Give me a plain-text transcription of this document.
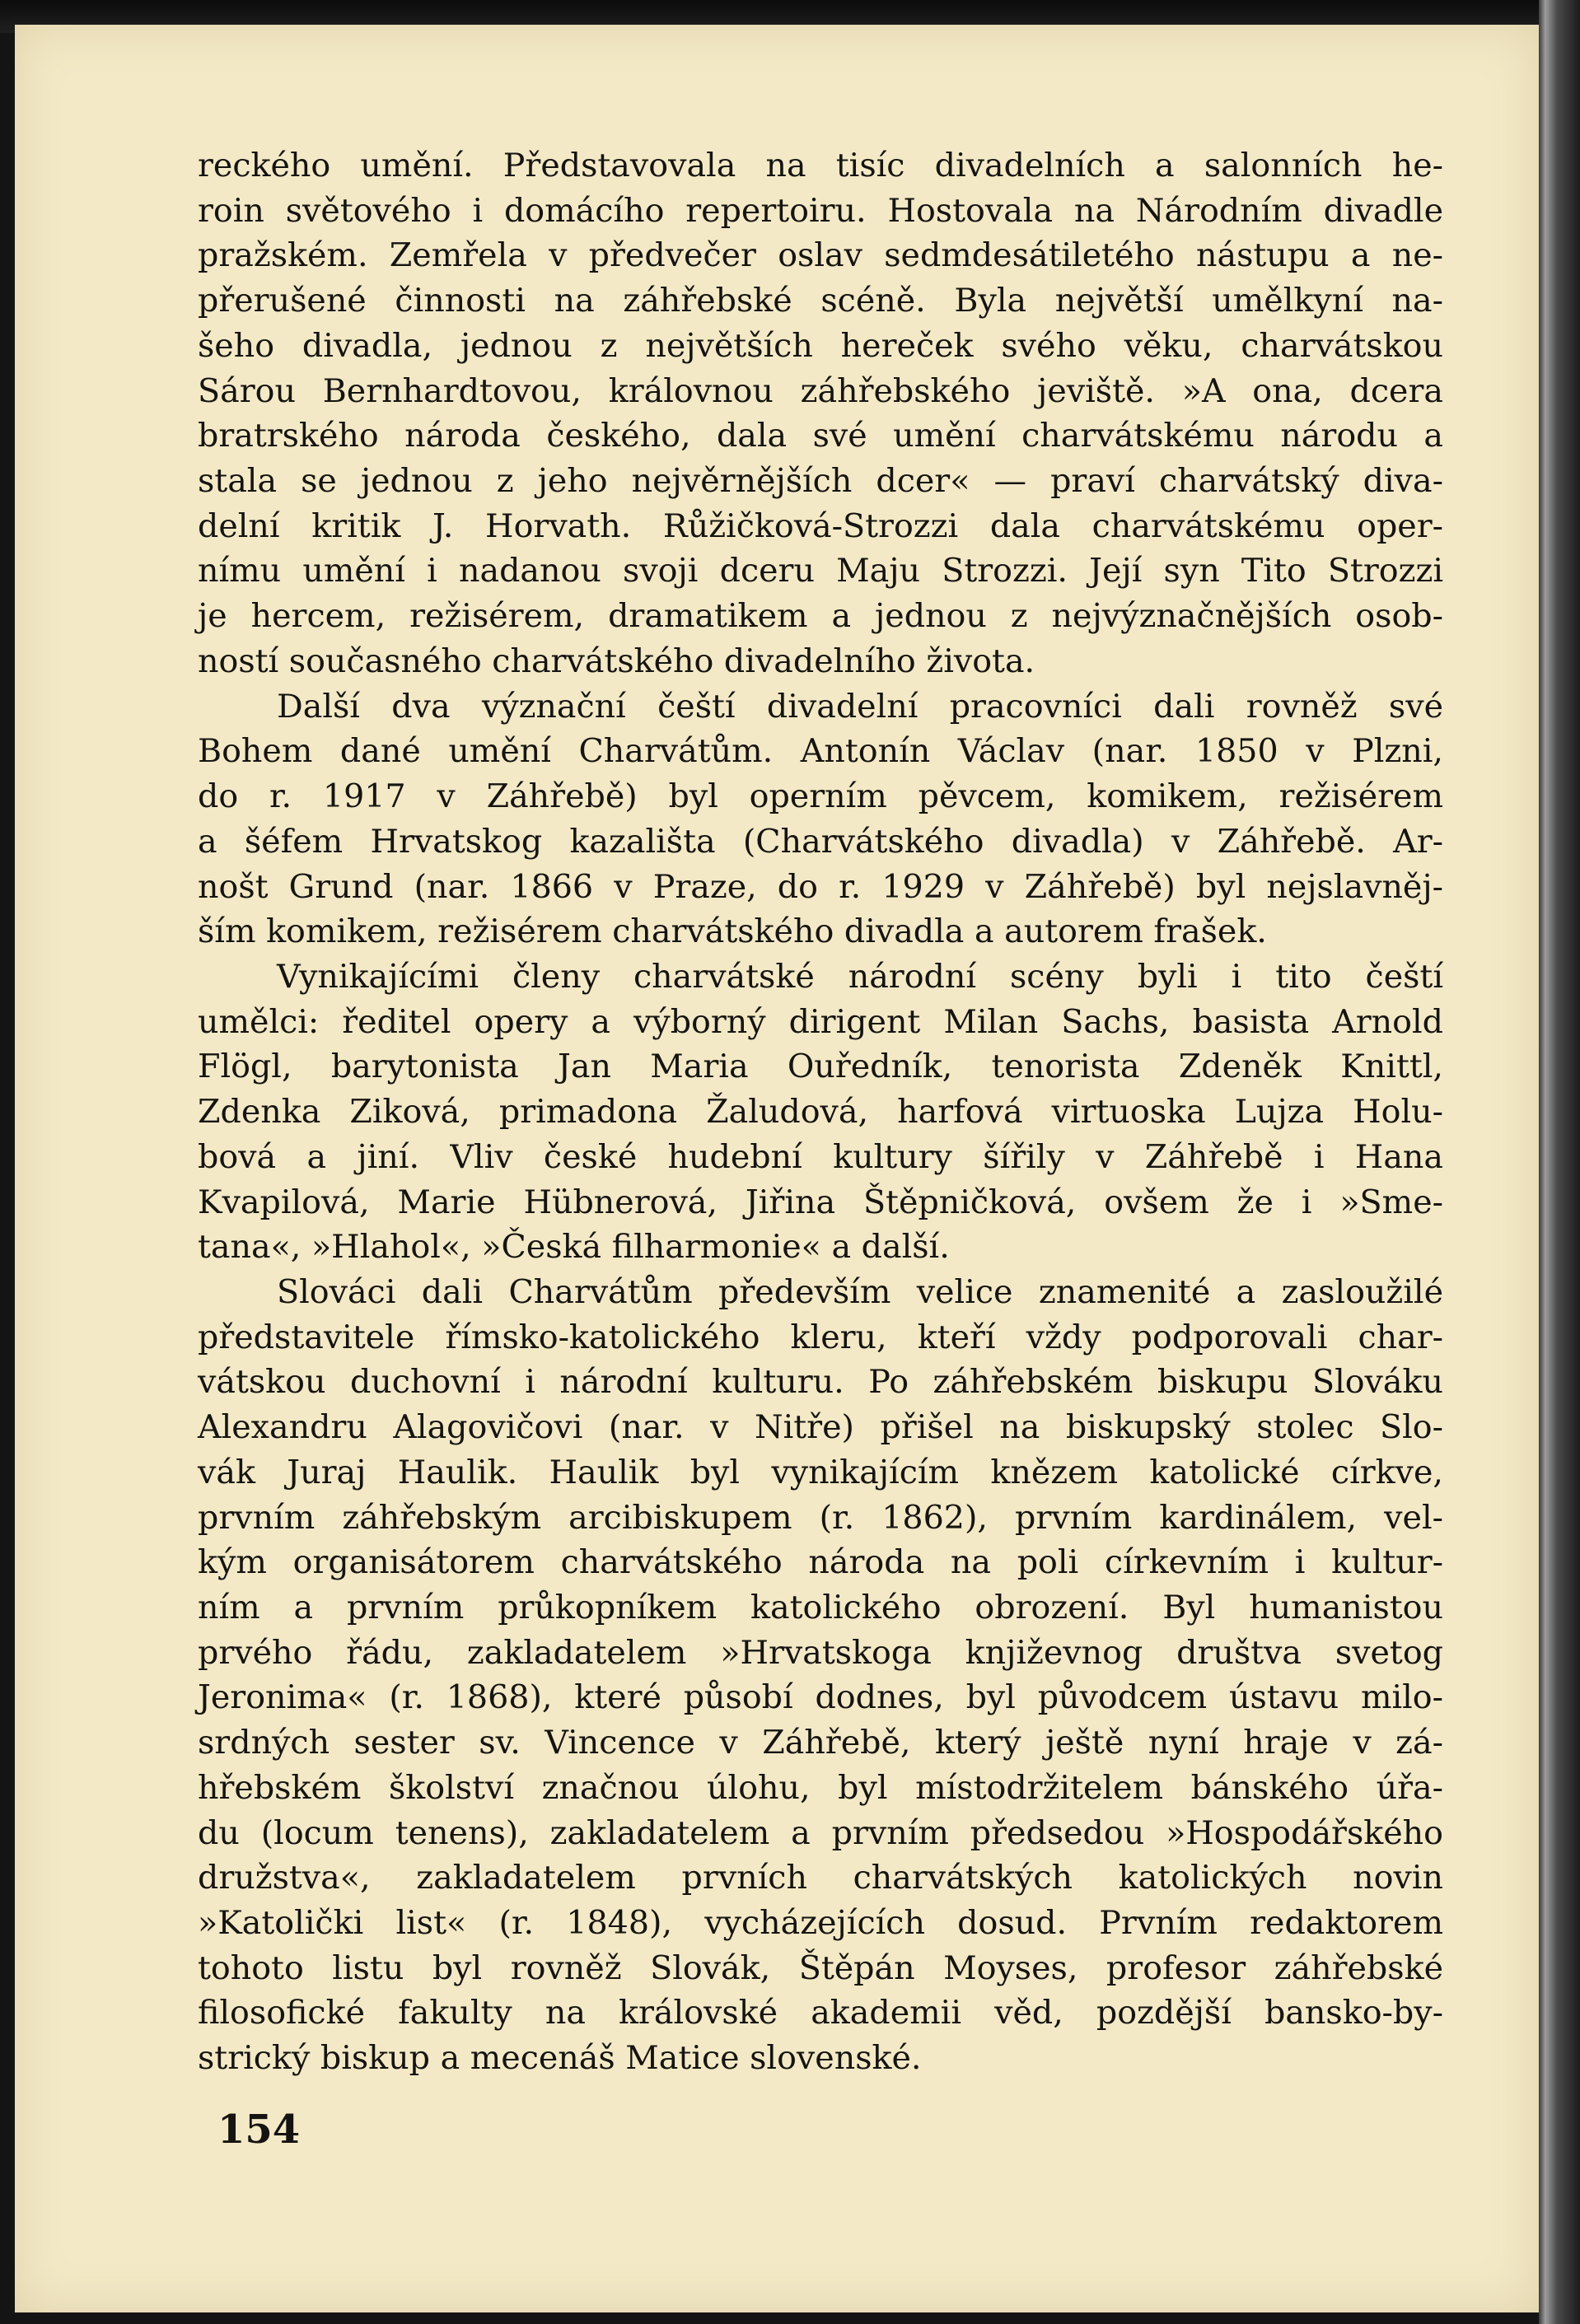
reckého umění. Představovala na tisíc divadelních a salonních he-
roin světového i domácího repertoiru. Hostovala na Národním divadle
pražském. Zemřela v předvečer oslav sedmdesátiletého nástupu a ne-
přerušené činnosti na záhřebské scéně. Byla největší umělkyní na-
šeho divadla, jednou z největších hereček svého věku, charvátskou
Sárou Bernhardtovou, královnou záhřebského jeviště. »A ona, dcera
bratrského národa českého, dala své umění charvátskému národu a
stala se jednou z jeho nejvěrnějších dcer« — praví charvátský diva-
delní kritik J. Horvath. Růžičková-Strozzi dala charvátskému oper-
nímu umění i nadanou svoji dceru Maju Strozzi. Její syn Tito Strozzi
je hercem, režisérem, dramatikem a jednou z nejvýznačnějších osob-
ností současného charvátského divadelního života.
Další dva význační čeští divadelní pracovníci dali rovněž své
Bohem dané umění Charvátům. Antonín Václav (nar. 1850 v Plzni,
do r. 1917 v Záhřebě) byl operním pěvcem, komikem, režisérem
a šéfem Hrvatskog kazališta (Charvátského divadla) v Záhřebě. Ar-
nošt Grund (nar. 1866 v Praze, do r. 1929 v Záhřebě) byl nejslavněj-
ším komikem, režisérem charvátského divadla a autorem frašek.
Vynikajícími členy charvátské národní scény byli i tito čeští
umělci: ředitel opery a výborný dirigent Milan Sachs, basista Arnold
Flögl, barytonista Jan Maria Ouředník, tenorista Zdeněk Knittl,
Zdenka Ziková, primadona Žaludová, harfová virtuoska Lujza Holu-
bová a jiní. Vliv české hudební kultury šířily v Záhřebě i Hana
Kvapilová, Marie Hübnerová, Jiřina Štěpničková, ovšem že i »Sme-
tana«, »Hlahol«, »Česká filharmonie« a další.
Slováci dali Charvátům především velice znamenité a zasloužilé
představitele římsko-katolického kleru, kteří vždy podporovali char-
vátskou duchovní i národní kulturu. Po záhřebském biskupu Slováku
Alexandru Alagovičovi (nar. v Nitře) přišel na biskupský stolec Slo-
vák Juraj Haulik. Haulik byl vynikajícím knězem katolické církve,
prvním záhřebským arcibiskupem (r. 1862), prvním kardinálem, vel-
kým organisátorem charvátského národa na poli církevním i kultur-
ním a prvním průkopníkem katolického obrození. Byl humanistou
prvého řádu, zakladatelem »Hrvatskoga književnog društva svetog
Jeronima« (r. 1868), které působí dodnes, byl původcem ústavu milo-
srdných sester sv. Vincence v Záhřebě, který ještě nyní hraje v zá-
hřebském školství značnou úlohu, byl místodržitelem bánského úřa-
du (locum tenens), zakladatelem a prvním předsedou »Hospodářského
družstva«, zakladatelem prvních charvátských katolických novin
»Katolički list« (r. 1848), vycházejících dosud. Prvním redaktorem
tohoto listu byl rovněž Slovák, Štěpán Moyses, profesor záhřebské
filosofické fakulty na královské akademii věd, pozdější bansko-by-
strický biskup a mecenáš Matice slovenské.
154
